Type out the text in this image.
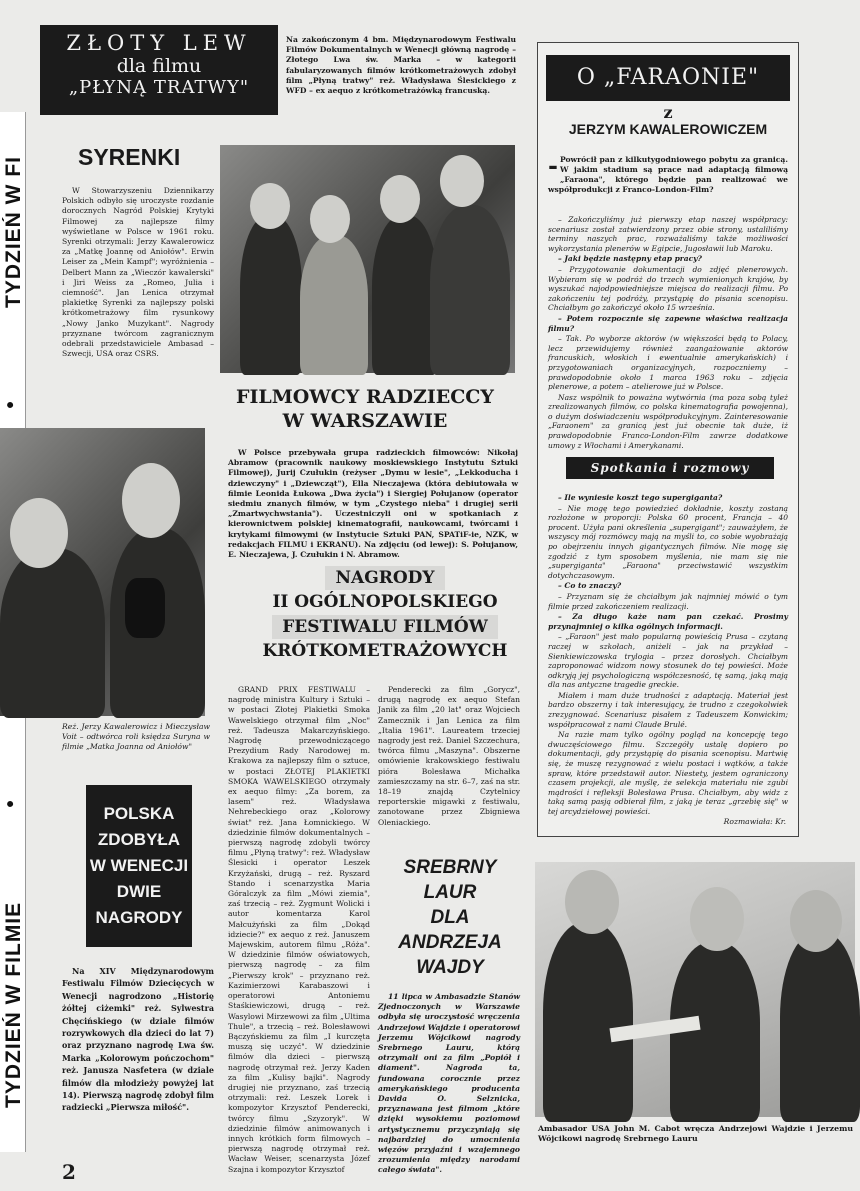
TYDZIEŃ W FILMIE
●
●
TYDZIEŃ W FI
ZŁOTY LEW
dla filmu
„PŁYNĄ TRATWY"
Na zakończonym 4 bm. Międzynarodowym Festiwalu Filmów Dokumentalnych w Wenecji główną nagrodę – Złotego Lwa św. Marka – w kategorii fabularyzowanych filmów krótkometrażowych zdobył film „Płyną tratwy" reż. Władysława Ślesickiego z WFD – ex aequo z krótkometrażówką francuską.
SYRENKI

W Stowarzyszeniu Dziennikarzy Polskich odbyło się uroczyste rozdanie dorocznych Nagród Polskiej Krytyki Filmowej za najlepsze filmy wyświetlane w Polsce w 1961 roku. Syrenki otrzymali: Jerzy Kawalerowicz za „Matkę Joannę od Aniołów". Erwin Leiser za „Mein Kampf"; wyróżnienia – Delbert Mann za „Wieczór kawalerski" i Jiri Weiss za „Romeo, Julia i ciemność". Jan Lenica otrzymał plakietkę Syrenki za najlepszy polski krótkometrażowy film rysunkowy „Nowy Janko Muzykant". Nagrody przyznane twórcom zagranicznym odebrali przedstawiciele Ambasad – Szwecji, USA oraz CSRS.

FILMOWCY RADZIECCY
W WARSZAWIE

W Polsce przebywała grupa radzieckich filmowców: Nikołaj Abramow (pracownik naukowy moskiewskiego Instytutu Sztuki Filmowej), Jurij Czułukin (reżyser „Dymu w lesie", „Lekkoducha i dziewczyny" i „Dziewcząt"), Ella Nieczajewa (która debiutowała w filmie Leonida Łukowa „Dwa życia") i Siergiej Połujanow (operator siedmiu znanych filmów, w tym „Czystego nieba" i drugiej serii „Zmartwychwstania"). Uczestniczyli oni w spotkaniach z kierownictwem polskiej kinematografii, naukowcami, twórcami i krytykami filmowymi (w Instytucie Sztuki PAN, SPATiF-ie, NZK, w redakcjach FILMU i EKRANU). Na zdjęciu (od lewej): S. Połujanow, E. Nieczajewa, J. Czułukin i N. Abramow.

Reż. Jerzy Kawalerowicz i Mieczysław Voit – odtwórca roli księdza Suryna w filmie „Matka Joanna od Aniołów"
POLSKA
ZDOBYŁA
W WENECJI
DWIE
NAGRODY

Na XIV Międzynarodowym Festiwalu Filmów Dziecięcych w Wenecji nagrodzono „Historię żółtej ciżemki" reż. Sylwestra Chęcińskiego (w dziale filmów rozrywkowych dla dzieci do lat 7) oraz przyznano nagrodę Lwa św. Marka „Kolorowym pończochom" reż. Janusza Nasfetera (w dziale filmów dla młodzieży powyżej lat 14). Pierwszą nagrodę zdobył film radziecki „Pierwsza miłość".

NAGRODY
II OGÓLNOPOLSKIEGO
FESTIWALU FILMÓW
KRÓTKOMETRAŻOWYCH

GRAND PRIX FESTIWALU – nagrodę ministra Kultury i Sztuki – w postaci Złotej Plakietki Smoka Wawelskiego otrzymał film „Noc" reż. Tadeusza Makarczyńskiego. Nagrodę przewodniczącego Prezydium Rady Narodowej m. Krakowa za najlepszy film o sztuce, w postaci ZŁOTEJ PLAKIETKI SMOKA WAWELSKIEGO otrzymały ex aequo filmy: „Za borem, za lasem" reż. Władysława Nehrebeckiego oraz „Kolorowy świat" reż. Jana Łomnickiego. W dziedzinie filmów dokumentalnych – pierwszą nagrodę zdobyli twórcy filmu „Płyną tratwy": reż. Władysław Ślesicki i operator Leszek Krzyżański, drugą – reż. Ryszard Stando i scenarzystka Maria Góralczyk za film „Mówi ziemia", zaś trzecią – reż. Zygmunt Wolicki i autor komentarza Karol Małcużyński za film „Dokąd idziecie?" ex aequo z reż. Januszem Majewskim, autorem filmu „Róża". W dziedzinie filmów oświatowych, pierwszą nagrodę – za film „Pierwszy krok" – przyznano reż. Kazimierzowi Karabaszowi i operatorowi Antoniemu Staśkiewiczowi, drugą – reż. Wasylowi Mirzewowi za film „Ultima Thule", a trzecią – reż. Bolesławowi Bączyńskiemu za film „I kurczęta muszą się uczyć". W dziedzinie filmów dla dzieci – pierwszą nagrodę otrzymał reż. Jerzy Kaden za film „Kulisy bajki". Nagrody drugiej nie przyznano, zaś trzecią otrzymali: reż. Leszek Lorek i kompozytor Krzysztof Penderecki, twórcy filmu „Szyzoryk". W dziedzinie filmów animowanych i innych krótkich form filmowych – pierwszą nagrodę otrzymał reż. Wacław Weiser, scenarzysta Józef Szajna i kompozytor Krzysztof

Penderecki za film „Gorycz", drugą nagrodę ex aequo Stefan Janik za film „20 lat" oraz Wojciech Zamecznik i Jan Lenica za film „Italia 1961". Laureatem trzeciej nagrody jest reż. Daniel Szczechura, twórca filmu „Maszyna". Obszerne omówienie krakowskiego festiwalu pióra Bolesława Michałka zamieszczamy na str. 6–7, zaś na str. 18–19 znajdą Czytelnicy reporterskie migawki z festiwalu, zanotowane przez Zbigniewa Oleniackiego.

SREBRNY
LAUR
DLA
ANDRZEJA
WAJDY

11 lipca w Ambasadzie Stanów Zjednoczonych w Warszawie odbyła się uroczystość wręczenia Andrzejowi Wajdzie i operatorowi Jerzemu Wójcikowi nagrody Srebrnego Lauru, którą otrzymali oni za film „Popiół i diament". Nagroda ta, fundowana corocznie przez amerykańskiego producenta Davida O. Selznicka, przyznawana jest filmom „które dzięki wysokiemu poziomowi artystycznemu przyczyniają się najbardziej do umocnienia więzów przyjaźni i wzajemnego zrozumienia między narodami całego świata".

O „FARAONIE"
z
JERZYM KAWALEROWICZEM
- Powrócił pan z kilkutygodniowego pobytu za granicą. W jakim stadium są prace nad adaptacją filmową „Faraona", którego będzie pan realizować we współprodukcji z Franco-London-Film?

– Zakończyliśmy już pierwszy etap naszej współpracy: scenariusz został zatwierdzony przez obie strony, ustaliliśmy terminy naszych prac, rozważaliśmy także możliwości wykorzystania plenerów w Egipcie, Jugosławii lub Maroku.

– Jaki będzie następny etap pracy?

– Przygotowanie dokumentacji do zdjęć plenerowych. Wybieram się w podróż do trzech wymienionych krajów, by wyszukać najodpowiedniejsze miejsca do realizacji filmu. Po zakończeniu tej podróży, przystąpię do pisania scenopisu. Chciałbym go zakończyć około 15 września.

– Potem rozpocznie się zapewne właściwa realizacja filmu?

– Tak. Po wyborze aktorów (w większości będą to Polacy, lecz przewidujemy również zaangażowanie aktorów francuskich, włoskich i ewentualnie amerykańskich) i przygotowaniach organizacyjnych, rozpoczniemy – prawdopodobnie około 1 marca 1963 roku – zdjęcia plenerowe, a potem – atelierowe już w Polsce.

Nasz wspólnik to poważna wytwórnia (ma poza sobą tyleż zrealizowanych filmów, co polska kinematografia powojenna), o dużym doświadczeniu współprodukcyjnym. Zainteresowanie „Faraonem" za granicą jest już obecnie tak duże, iż prawdopodobnie Franco-London-Film zawrze dodatkowe umowy z Włochami i Amerykanami.

Spotkania i rozmowy

– Ile wyniesie koszt tego supergiganta?

– Nie mogę tego powiedzieć dokładnie, koszty zostaną rozłożone w proporcji: Polska 60 procent, Francja – 40 procent. Użyła pani określenia „supergigant"; zauważyłem, że wszyscy mój rozmówcy mają na myśli to, co sobie wyobrażają po obejrzeniu innych gigantycznych filmów. Nie mogę się zgodzić z tym sposobem myślenia, nie mam się nie „supergiganta" „Faraona" przeciwstawić wszystkim dotychczasowym.

– Co to znaczy?

– Przyznam się że chciałbym jak najmniej mówić o tym filmie przed zakończeniem realizacji.

– Za długo każe nam pan czekać. Prosimy przynajmniej o kilka ogólnych informacji.

– „Faraon" jest mało popularną powieścią Prusa – czytaną raczej w szkołach, aniżeli – jak na przykład – Sienkiewiczowska trylogia – przez dorosłych. Chciałbym zaproponować widzom nowy stosunek do tej powieści. Może odkryją jej psychologiczną współczesność, tę samą, jaką mają dla nas antyczne tragedie greckie.

Miałem i mam duże trudności z adaptacją. Materiał jest bardzo obszerny i tak interesujący, że trudno z czegokolwiek zrezygnować. Scenariusz pisałem z Tadeuszem Konwickim; współpracował z nami Claude Brulé.

Na razie mam tylko ogólny pogląd na koncepcję tego dwuczęściowego filmu. Szczegóły ustalę dopiero po dokumentacji, gdy przystąpię do pisania scenopisu. Martwię się, że muszę rezygnować z wielu postaci i wątków, a także spraw, które przedstawił autor. Niestety, jestem ograniczony czasem projekcji, ale myślę, że selekcja materiału nie zgubi mądrości i refleksji Bolesława Prusa. Chciałbym, aby widz z taką samą pasją odbierał film, z jaką je teraz „grzebię się" w tej arcydziełowej powieści.

Rozmawiała: Kr.
Ambasador USA John M. Cabot wręcza Andrzejowi Wajdzie i Jerzemu Wójcikowi nagrodę Srebrnego Lauru
2
